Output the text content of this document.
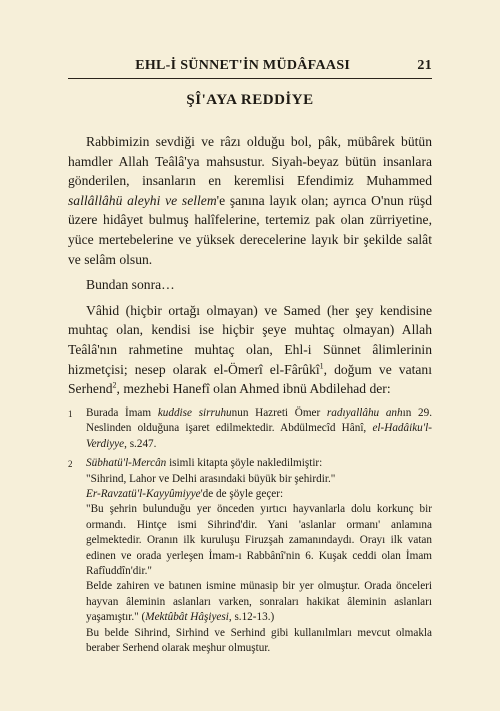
EHL-İ SÜNNET'İN MÜDÂFAASI	21
ŞÎ'AYA REDDİYE

Rabbimizin sevdiği ve râzı olduğu bol, pâk, mübârek bütün hamdler Allah Teâlâ'ya mahsustur. Siyah-beyaz bütün insanlara gönderilen, insanların en keremlisi Efendimiz Muhammed sallâllâhü aleyhi ve sellem'e şanına layık olan; ayrıca O'nun rüşd üzere hidâyet bulmuş halîfelerine, tertemiz pak olan zürriyetine, yüce mertebelerine ve yüksek derecelerine layık bir şekilde salât ve selâm olsun.

Bundan sonra…

Vâhid (hiçbir ortağı olmayan) ve Samed (her şey kendisine muhtaç olan, kendisi ise hiçbir şeye muhtaç olmayan) Allah Teâlâ'nın rahmetine muhtaç olan, Ehl-i Sünnet âlimlerinin hizmetçisi; nesep olarak el-Ömerî el-Fârûkî$^1$, doğum ve vatanı Serhend$^2$, mezhebi Hanefî olan Ahmed ibnü Abdilehad der:

1	Burada İmam kuddise sirruhunun Hazreti Ömer radıyallâhu anhın 29. Neslinden olduğuna işaret edilmektedir. Abdülmecîd Hânî, el-Hadâiku'l-Verdiyye, s.247.
2	Sübhatü'l-Mercân isimli kitapta şöyle nakledilmiştir:
"Sihrind, Lahor ve Delhi arasındaki büyük bir şehirdir."
Er-Ravzatü'l-Kayyûmiyye'de de şöyle geçer:
"Bu şehrin bulunduğu yer önceden yırtıcı hayvanlarla dolu korkunç bir ormandı. Hintçe ismi Sihrind'dir. Yani 'aslanlar ormanı' anlamına gelmektedir. Oranın ilk kuruluşu Firuzşah zamanındaydı. Orayı ilk vatan edinen ve orada yerleşen İmam-ı Rabbânî'nin 6. Kuşak ceddi olan İmam Rafîuddîn'dir."
Belde zahiren ve batınen ismine münasip bir yer olmuştur. Orada önceleri hayvan âleminin aslanları varken, sonraları hakikat âleminin aslanları yaşamıştır." (Mektûbât Hâşiyesi, s.12-13.)
Bu belde Sihrind, Sirhind ve Serhind gibi kullanılmları mevcut olmakla beraber Serhend olarak meşhur olmuştur.
